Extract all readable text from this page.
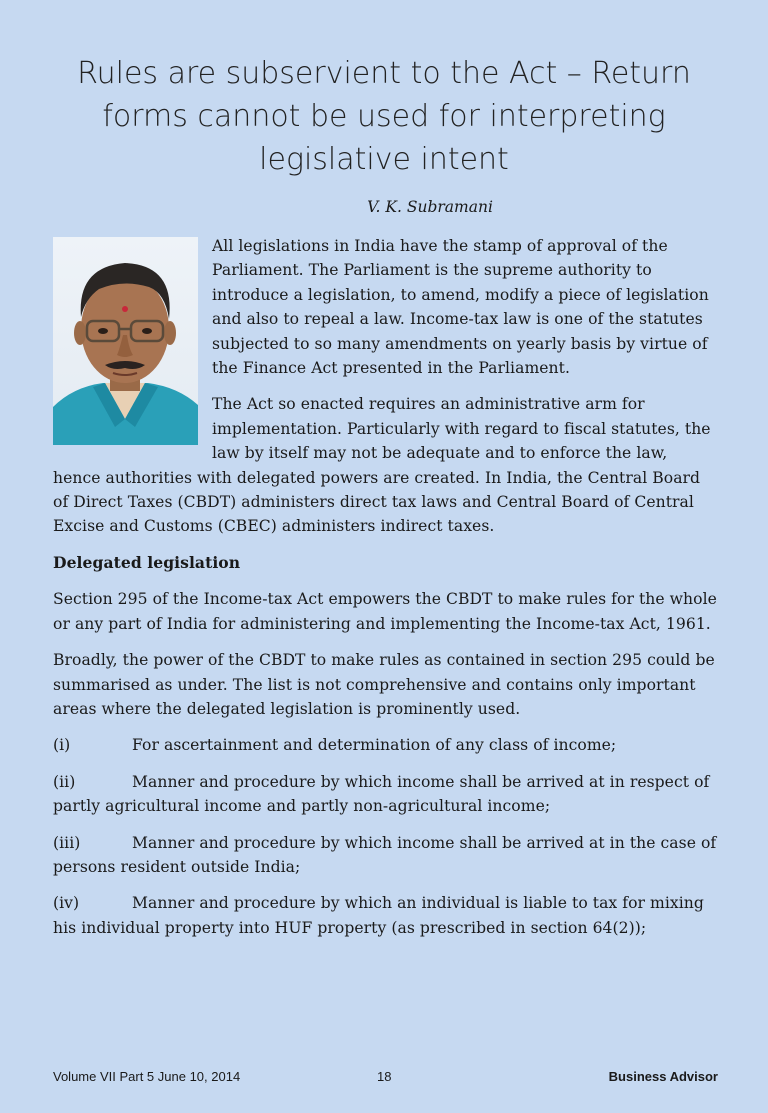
Rules are subservient to the Act – Return forms cannot be used for interpreting legislative intent
V. K. Subramani

All legislations in India have the stamp of approval of the Parliament. The Parliament is the supreme authority to introduce a legislation, to amend, modify a piece of legislation and also to repeal a law. Income-tax law is one of the statutes subjected to so many amendments on yearly basis by virtue of the Finance Act presented in the Parliament.

The Act so enacted requires an administrative arm for implementation. Particularly with regard to fiscal statutes, the law by itself may not be adequate and to enforce the law, hence authorities with delegated powers are created. In India, the Central Board of Direct Taxes (CBDT) administers direct tax laws and Central Board of Central Excise and Customs (CBEC) administers indirect taxes.

Delegated legislation

Section 295 of the Income-tax Act empowers the CBDT to make rules for the whole or any part of India for administering and implementing the Income-tax Act, 1961.

Broadly, the power of the CBDT to make rules as contained in section 295 could be summarised as under. The list is not comprehensive and contains only important areas where the delegated legislation is prominently used.

(i)	For ascertainment and determination of any class of income;

(ii)	Manner and procedure by which income shall be arrived at in respect of partly agricultural income and partly non-agricultural income;

(iii)	Manner and procedure by which income shall be arrived at in the case of persons resident outside India;

(iv)	Manner and procedure by which an individual is liable to tax for mixing his individual property into HUF property (as prescribed in section 64(2));

Volume VII Part 5 June 10, 2014	18	Business Advisor
